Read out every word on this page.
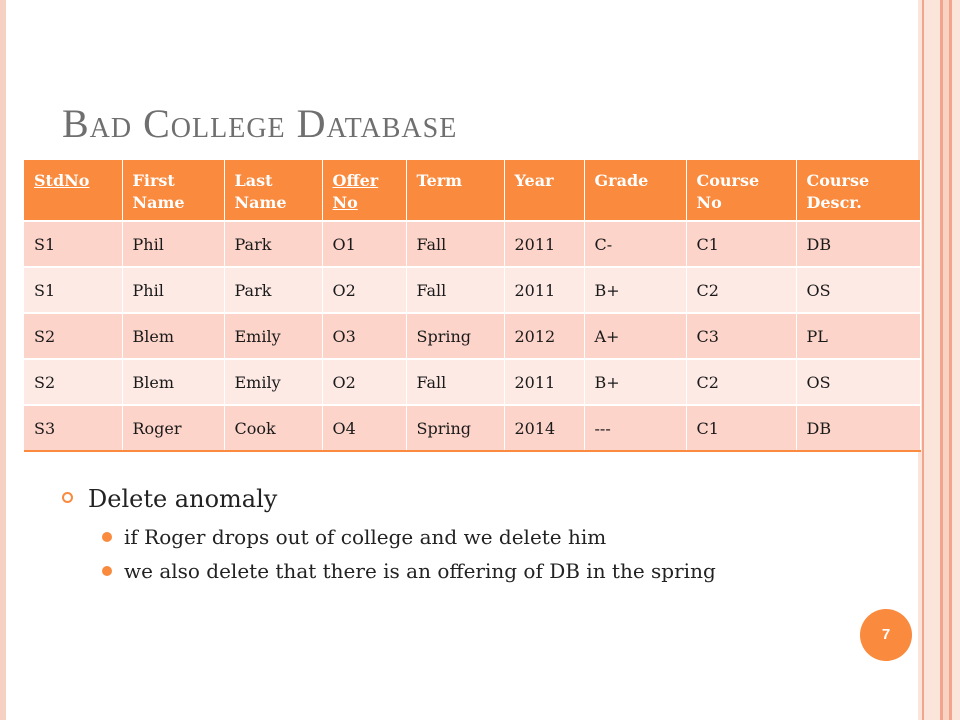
Bad College Database
StdNo	First Name	Last Name	Offer No	Term	Year	Grade	Course No	Course Descr.
S1	Phil	Park	O1	Fall	2011	C-	C1	DB
S1	Phil	Park	O2	Fall	2011	B+	C2	OS
S2	Blem	Emily	O3	Spring	2012	A+	C3	PL
S2	Blem	Emily	O2	Fall	2011	B+	C2	OS
S3	Roger	Cook	O4	Spring	2014	---	C1	DB
Delete anomaly
if Roger drops out of college and we delete him
we also delete that there is an offering of DB in the spring
7
